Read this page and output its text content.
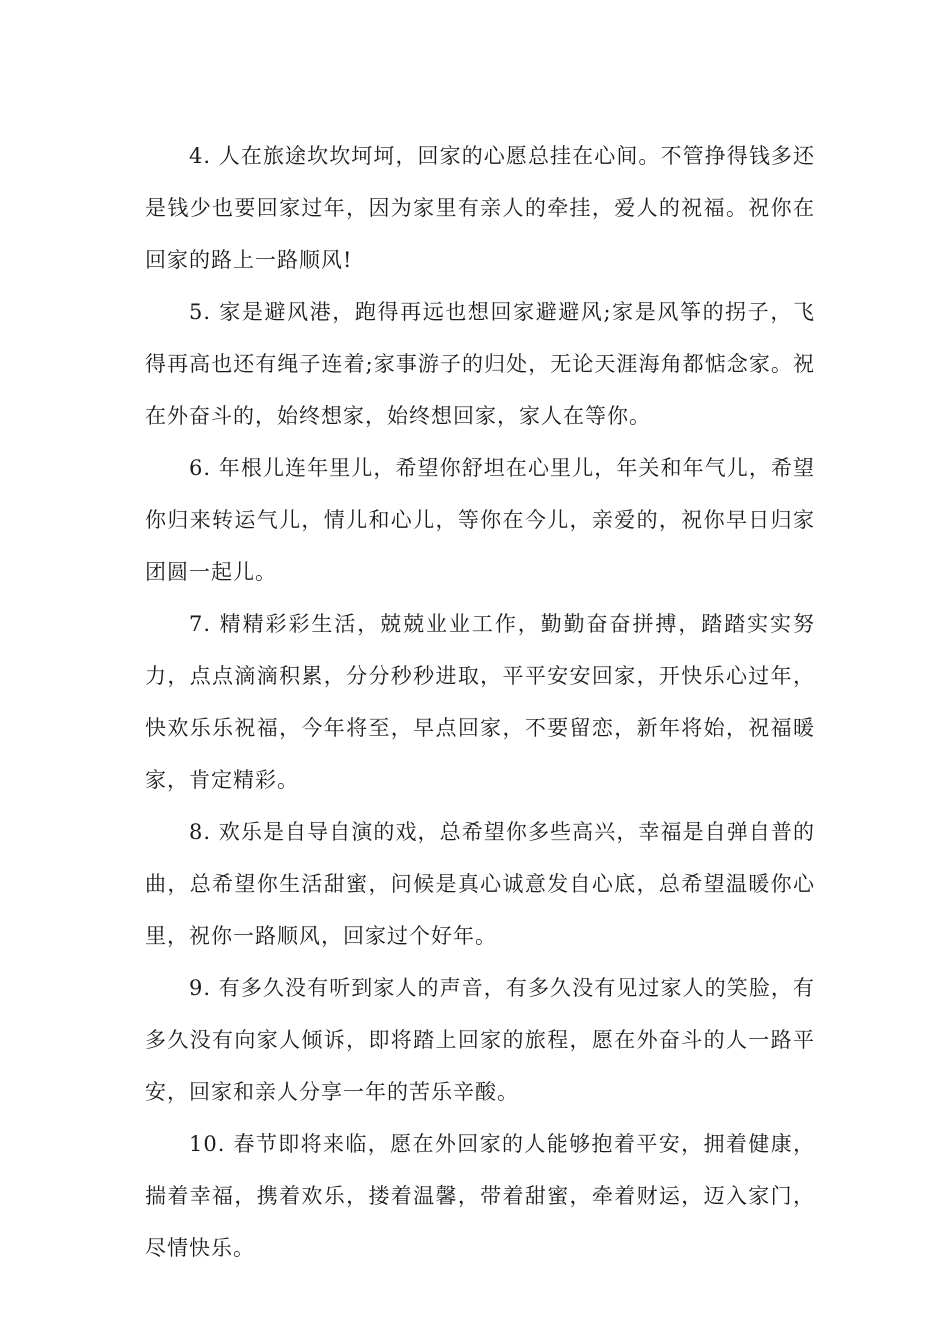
4. 人在旅途坎坎坷坷，回家的心愿总挂在心间。不管挣得钱多还是钱少也要回家过年，因为家里有亲人的牵挂，爱人的祝福。祝你在回家的路上一路顺风!

5. 家是避风港，跑得再远也想回家避避风;家是风筝的拐子，飞得再高也还有绳子连着;家事游子的归处，无论天涯海角都惦念家。祝在外奋斗的，始终想家，始终想回家，家人在等你。

6. 年根儿连年里儿，希望你舒坦在心里儿，年关和年气儿，希望你归来转运气儿，情儿和心儿，等你在今儿，亲爱的，祝你早日归家团圆一起儿。

7. 精精彩彩生活，兢兢业业工作，勤勤奋奋拼搏，踏踏实实努力，点点滴滴积累，分分秒秒进取，平平安安回家，开快乐心过年，快欢乐乐祝福，今年将至，早点回家，不要留恋，新年将始，祝福暖家，肯定精彩。

8. 欢乐是自导自演的戏，总希望你多些高兴，幸福是自弹自普的曲，总希望你生活甜蜜，问候是真心诚意发自心底，总希望温暖你心里，祝你一路顺风，回家过个好年。

9. 有多久没有听到家人的声音，有多久没有见过家人的笑脸，有多久没有向家人倾诉，即将踏上回家的旅程，愿在外奋斗的人一路平安，回家和亲人分享一年的苦乐辛酸。

10. 春节即将来临，愿在外回家的人能够抱着平安，拥着健康，揣着幸福，携着欢乐，搂着温馨，带着甜蜜，牵着财运，迈入家门，尽情快乐。
